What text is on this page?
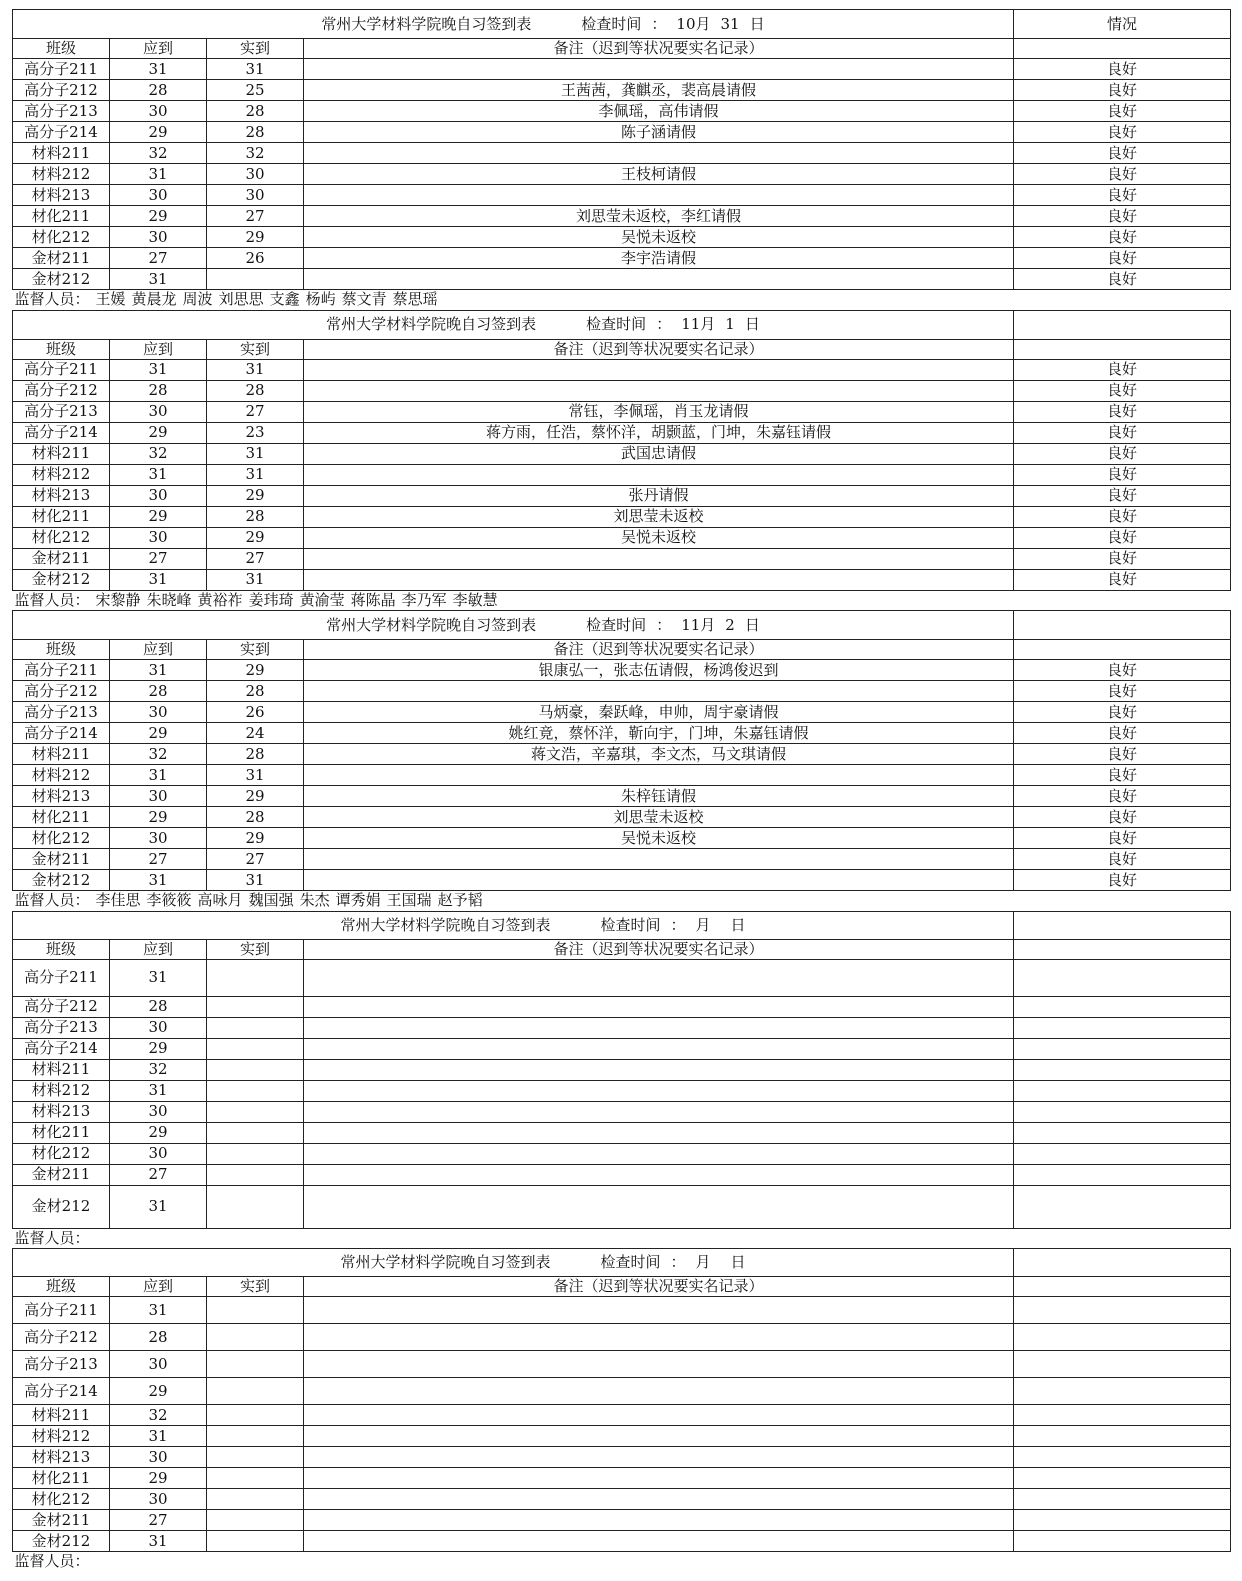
常州大学材料学院晚自习签到表 检查时间 ： 10月 31 日				情况
班级	应到	实到	备注（迟到等状况要实名记录）	
高分子211	31	31		良好
高分子212	28	25	王茜茜，龚麒丞，裴高晨请假	良好
高分子213	30	28	李佩瑶，高伟请假	良好
高分子214	29	28	陈子涵请假	良好
材料211	32	32		良好
材料212	31	30	王枝柯请假	良好
材料213	30	30		良好
材化211	29	27	刘思莹未返校，李红请假	良好
材化212	30	29	吴悦未返校	良好
金材211	27	26	李宇浩请假	良好
金材212	31			良好
监督人员： 王媛 黄晨龙 周波 刘思思 支鑫 杨屿 蔡文青 蔡思瑶				
常州大学材料学院晚自习签到表 检查时间 ： 11月 1 日				
班级	应到	实到	备注（迟到等状况要实名记录）	
高分子211	31	31		良好
高分子212	28	28		良好
高分子213	30	27	常钰，李佩瑶，肖玉龙请假	良好
高分子214	29	23	蒋方雨，任浩，蔡怀洋，胡颢蓝，门坤，朱嘉钰请假	良好
材料211	32	31	武国忠请假	良好
材料212	31	31		良好
材料213	30	29	张丹请假	良好
材化211	29	28	刘思莹未返校	良好
材化212	30	29	吴悦未返校	良好
金材211	27	27		良好
金材212	31	31		良好
监督人员： 宋黎静 朱晓峰 黄裕祚 姜玮琦 黄渝莹 蒋陈晶 李乃军 李敏慧				
常州大学材料学院晚自习签到表 检查时间 ： 11月 2 日				
班级	应到	实到	备注（迟到等状况要实名记录）	
高分子211	31	29	银康弘一，张志伍请假，杨鸿俊迟到	良好
高分子212	28	28		良好
高分子213	30	26	马炳豪，秦跃峰，申帅，周宇豪请假	良好
高分子214	29	24	姚红竟，蔡怀洋，靳向宇，门坤，朱嘉钰请假	良好
材料211	32	28	蒋文浩，辛嘉琪，李文杰，马文琪请假	良好
材料212	31	31		良好
材料213	30	29	朱梓钰请假	良好
材化211	29	28	刘思莹未返校	良好
材化212	30	29	吴悦未返校	良好
金材211	27	27		良好
金材212	31	31		良好
监督人员： 李佳思 李筱筱 高咏月 魏国强 朱杰 谭秀娟 王国瑞 赵予韬				
常州大学材料学院晚自习签到表 检查时间 ： 月 日				
班级	应到	实到	备注（迟到等状况要实名记录）	
高分子211	31			
高分子212	28			
高分子213	30			
高分子214	29			
材料211	32			
材料212	31			
材料213	30			
材化211	29			
材化212	30			
金材211	27			
金材212	31			
监督人员：				
常州大学材料学院晚自习签到表 检查时间 ： 月 日				
班级	应到	实到	备注（迟到等状况要实名记录）	
高分子211	31			
高分子212	28			
高分子213	30			
高分子214	29			
材料211	32			
材料212	31			
材料213	30			
材化211	29			
材化212	30			
金材211	27			
金材212	31			
监督人员：				
